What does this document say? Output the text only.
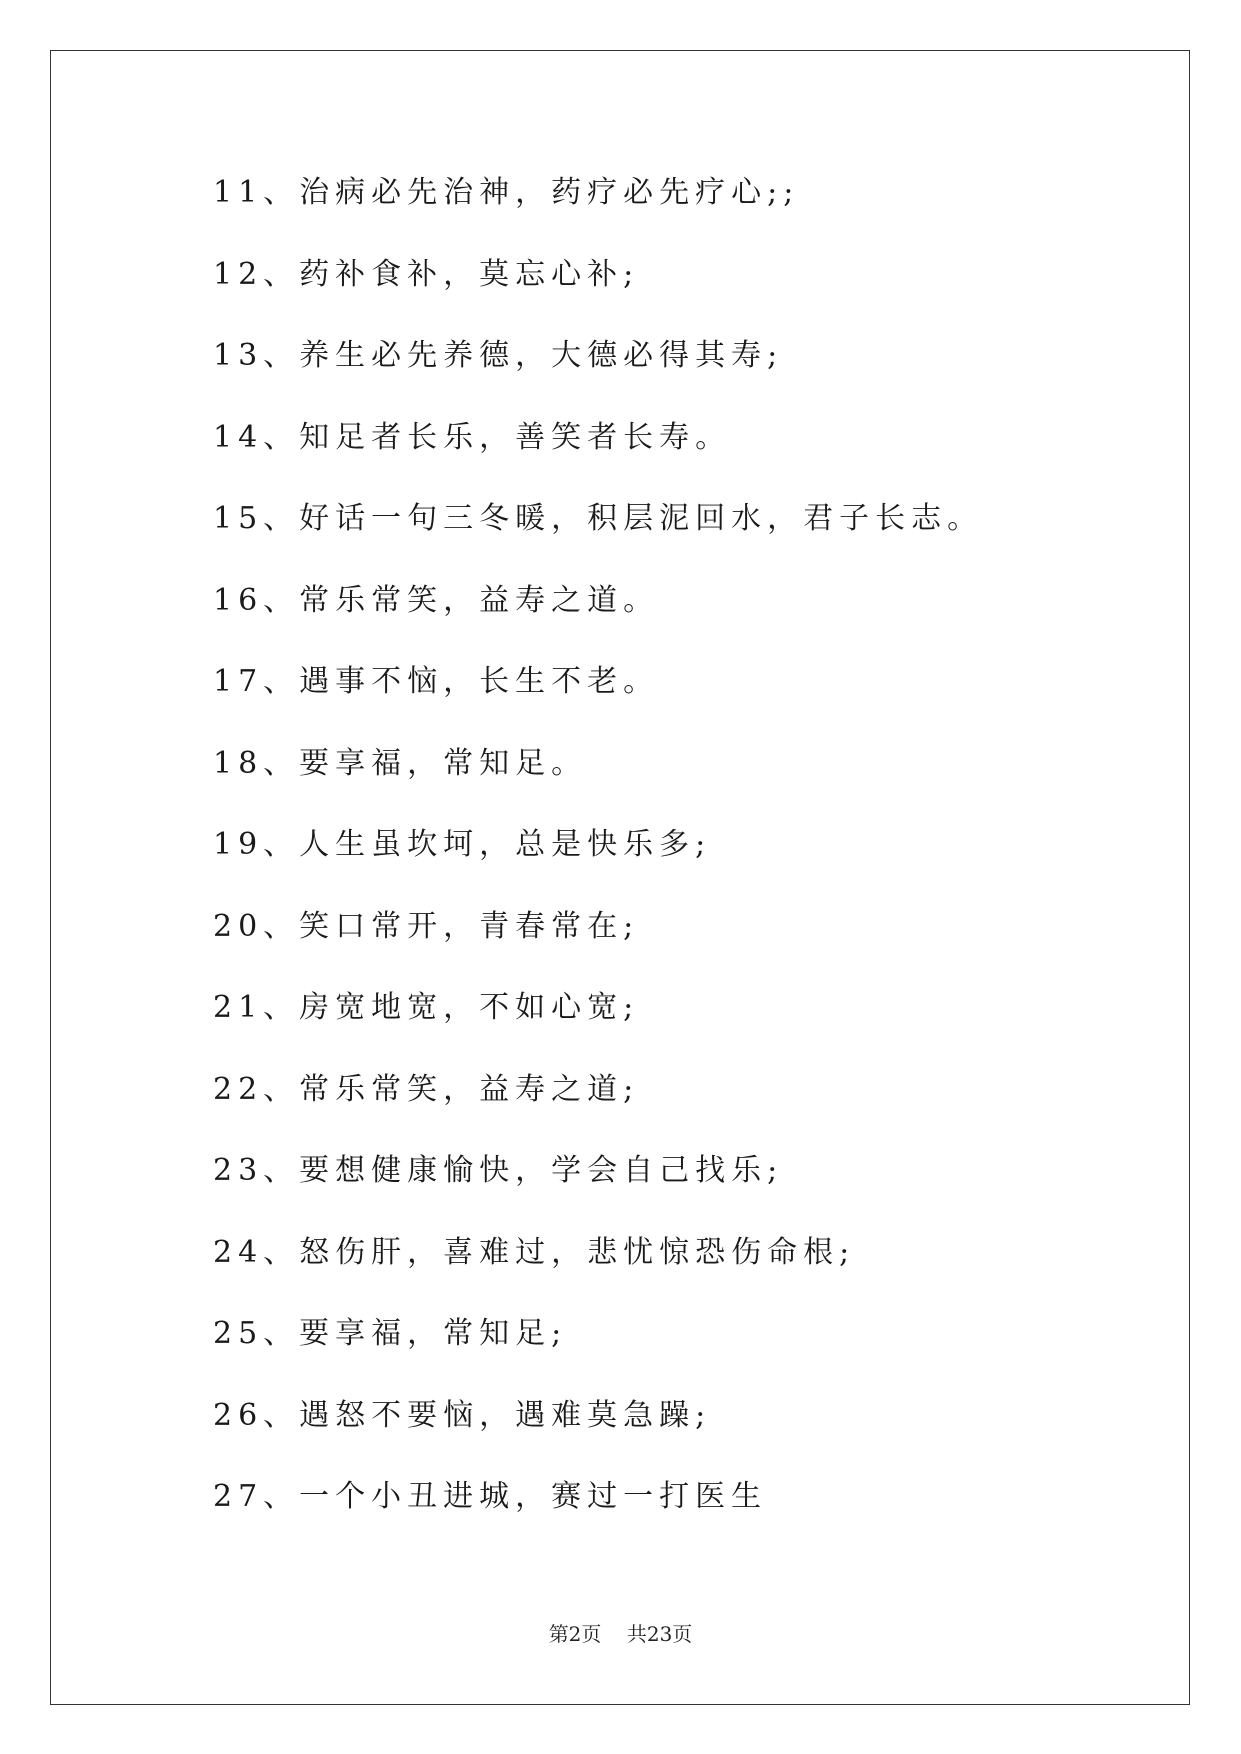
11、治病必先治神，药疗必先疗心;;
12、药补食补，莫忘心补;
13、养生必先养德，大德必得其寿;
14、知足者长乐，善笑者长寿。
15、好话一句三冬暖，积层泥回水，君子长志。
16、常乐常笑，益寿之道。
17、遇事不恼，长生不老。
18、要享福，常知足。
19、人生虽坎坷，总是快乐多;
20、笑口常开，青春常在;
21、房宽地宽，不如心宽;
22、常乐常笑，益寿之道;
23、要想健康愉快，学会自己找乐;
24、怒伤肝，喜难过，悲忧惊恐伤命根;
25、要享福，常知足;
26、遇怒不要恼，遇难莫急躁;
27、一个小丑进城，赛过一打医生
第2页    共23页
